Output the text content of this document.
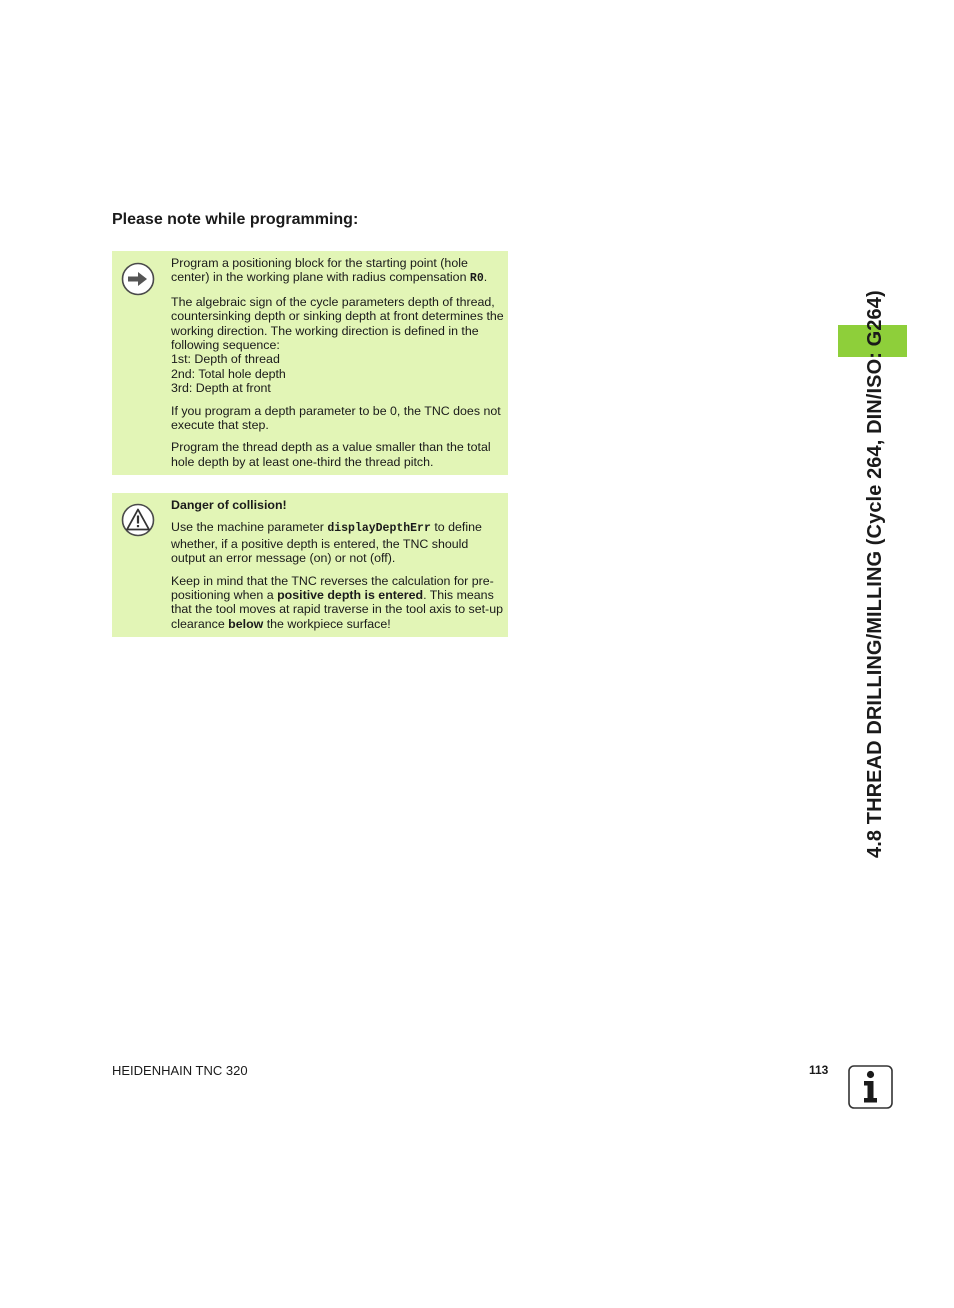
Please note while programming:

Program a positioning block for the starting point (hole center) in the working plane with radius compensation R0.

The algebraic sign of the cycle parameters depth of thread, countersinking depth or sinking depth at front determines the working direction. The working direction is defined in the following sequence:
1st: Depth of thread
2nd: Total hole depth
3rd: Depth at front

If you program a depth parameter to be 0, the TNC does not execute that step.

Program the thread depth as a value smaller than the total hole depth by at least one-third the thread pitch.

Danger of collision!

Use the machine parameter displayDepthErr to define whether, if a positive depth is entered, the TNC should output an error message (on) or not (off).

Keep in mind that the TNC reverses the calculation for pre-positioning when a positive depth is entered. This means that the tool moves at rapid traverse in the tool axis to set-up clearance below the workpiece surface!	4.8 THREAD DRILLING/MILLING (Cycle 264, DIN/ISO: G264)
HEIDENHAIN TNC 320	113
